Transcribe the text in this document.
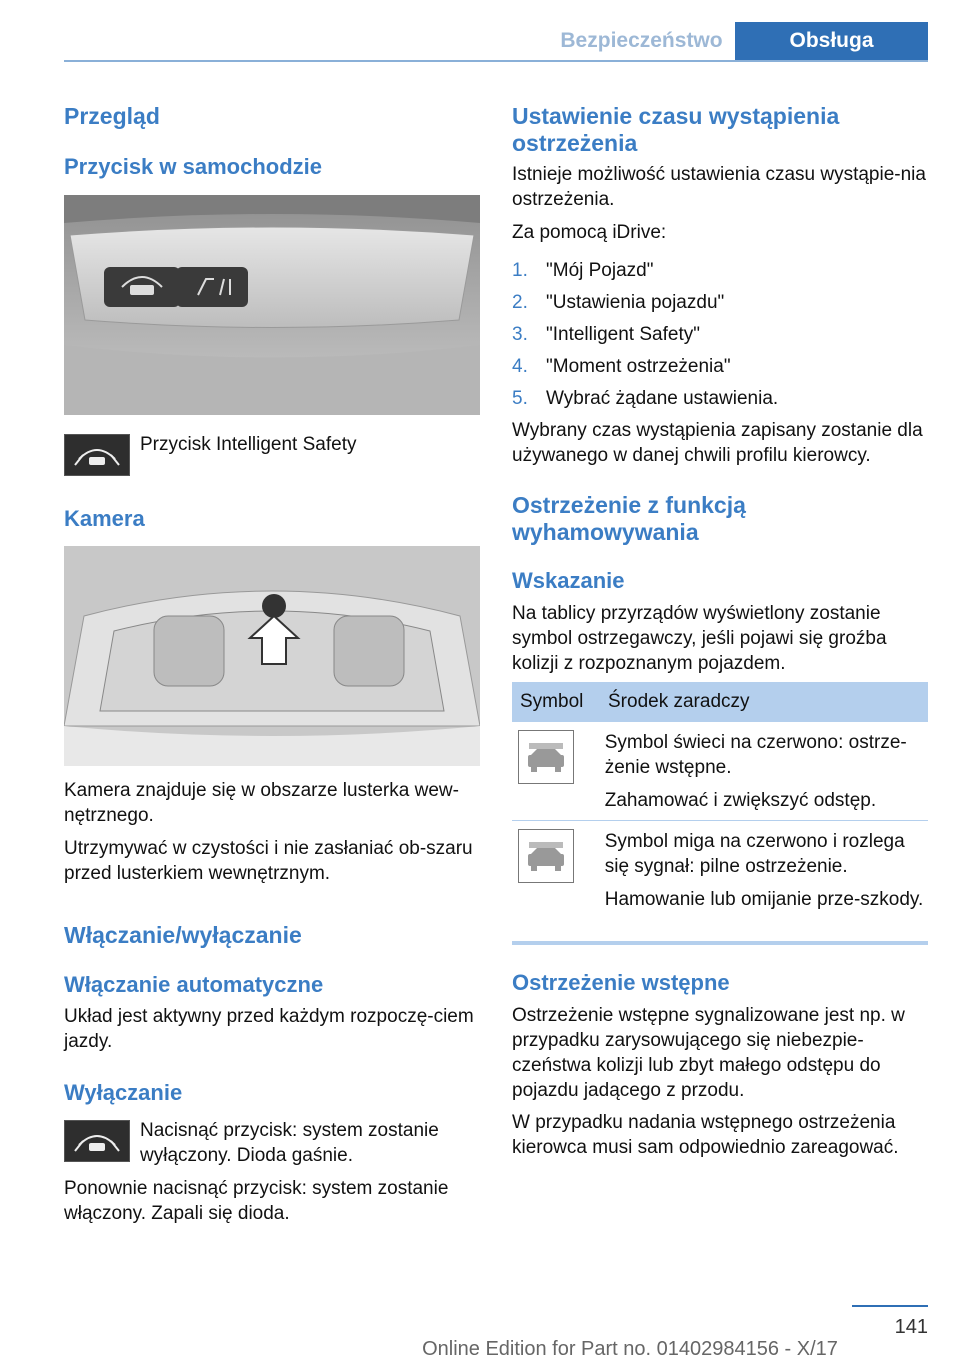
Bezpieczeństwo	Obsługa
Przegląd
Przycisk w samochodzie

Przycisk Intelligent Safety

Kamera

Kamera znajduje się w obszarze lusterka wew-nętrznego.

Utrzymywać w czystości i nie zasłaniać ob-szaru przed lusterkiem wewnętrznym.

Włączanie/wyłączanie
Włączanie automatyczne

Układ jest aktywny przed każdym rozpoczę-ciem jazdy.

Wyłączanie

Nacisnąć przycisk: system zostanie wyłączony. Dioda gaśnie.

Ponownie nacisnąć przycisk: system zostanie włączony. Zapali się dioda.

Ustawienie czasu wystąpienia ostrzeżenia

Istnieje możliwość ustawienia czasu wystąpie-nia ostrzeżenia.

Za pomocą iDrive:

1. "Mój Pojazd"
2. "Ustawienia pojazdu"
3. "Intelligent Safety"
4. "Moment ostrzeżenia"
5. Wybrać żądane ustawienia.

Wybrany czas wystąpienia zapisany zostanie dla używanego w danej chwili profilu kierowcy.

Ostrzeżenie z funkcją wyhamowywania
Wskazanie

Na tablicy przyrządów wyświetlony zostanie symbol ostrzegawczy, jeśli pojawi się groźba kolizji z rozpoznanym pojazdem.

Symbol	Środek zaradczy

Symbol świeci na czerwono: ostrze-żenie wstępne.

Zahamować i zwiększyć odstęp.

Symbol miga na czerwono i rozlega się sygnał: pilne ostrzeżenie.

Hamowanie lub omijanie prze-szkody.

Ostrzeżenie wstępne

Ostrzeżenie wstępne sygnalizowane jest np. w przypadku zarysowującego się niebezpie-czeństwa kolizji lub zbyt małego odstępu do pojazdu jadącego z przodu.

W przypadku nadania wstępnego ostrzeżenia kierowca musi sam odpowiednio zareagować.

141
Online Edition for Part no. 01402984156 - X/17
